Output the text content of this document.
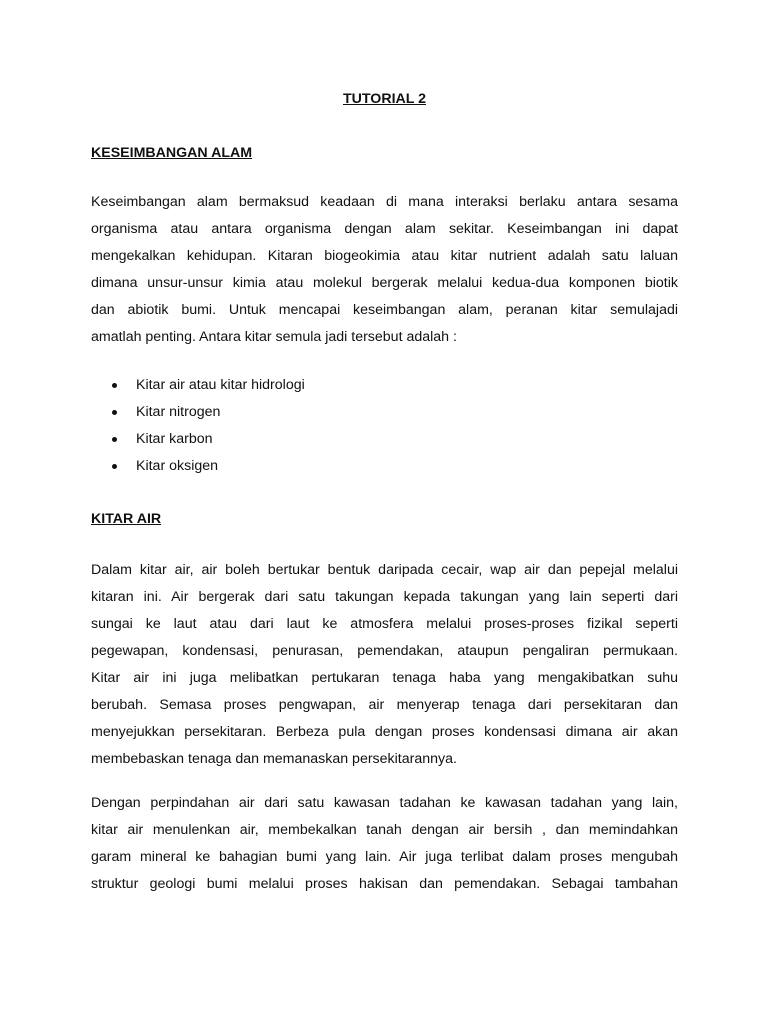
TUTORIAL 2

KESEIMBANGAN ALAM

Keseimbangan alam bermaksud keadaan di mana interaksi berlaku antara sesama
organisma atau antara organisma dengan alam sekitar. Keseimbangan ini dapat
mengekalkan kehidupan. Kitaran biogeokimia atau kitar nutrient adalah satu laluan
dimana unsur-unsur kimia atau molekul bergerak melalui kedua-dua komponen biotik
dan abiotik bumi. Untuk mencapai keseimbangan alam, peranan kitar semulajadi
amatlah penting. Antara kitar semula jadi tersebut adalah :
Kitar air atau kitar hidrologi
Kitar nitrogen
Kitar karbon
Kitar oksigen

KITAR AIR

Dalam kitar air, air boleh bertukar bentuk daripada cecair, wap air dan pepejal melalui
kitaran ini. Air bergerak dari satu takungan kepada takungan yang lain seperti dari
sungai ke laut atau dari laut ke atmosfera melalui proses-proses fizikal seperti
pegewapan, kondensasi, penurasan, pemendakan, ataupun pengaliran permukaan.
Kitar air ini juga melibatkan pertukaran tenaga haba yang mengakibatkan suhu
berubah. Semasa proses pengwapan, air menyerap tenaga dari persekitaran dan
menyejukkan persekitaran. Berbeza pula dengan proses kondensasi dimana air akan
membebaskan tenaga dan memanaskan persekitarannya.
Dengan perpindahan air dari satu kawasan tadahan ke kawasan tadahan yang lain,
kitar air menulenkan air, membekalkan tanah dengan air bersih , dan memindahkan
garam mineral ke bahagian bumi yang lain. Air juga terlibat dalam proses mengubah
struktur geologi bumi melalui proses hakisan dan pemendakan. Sebagai tambahan
